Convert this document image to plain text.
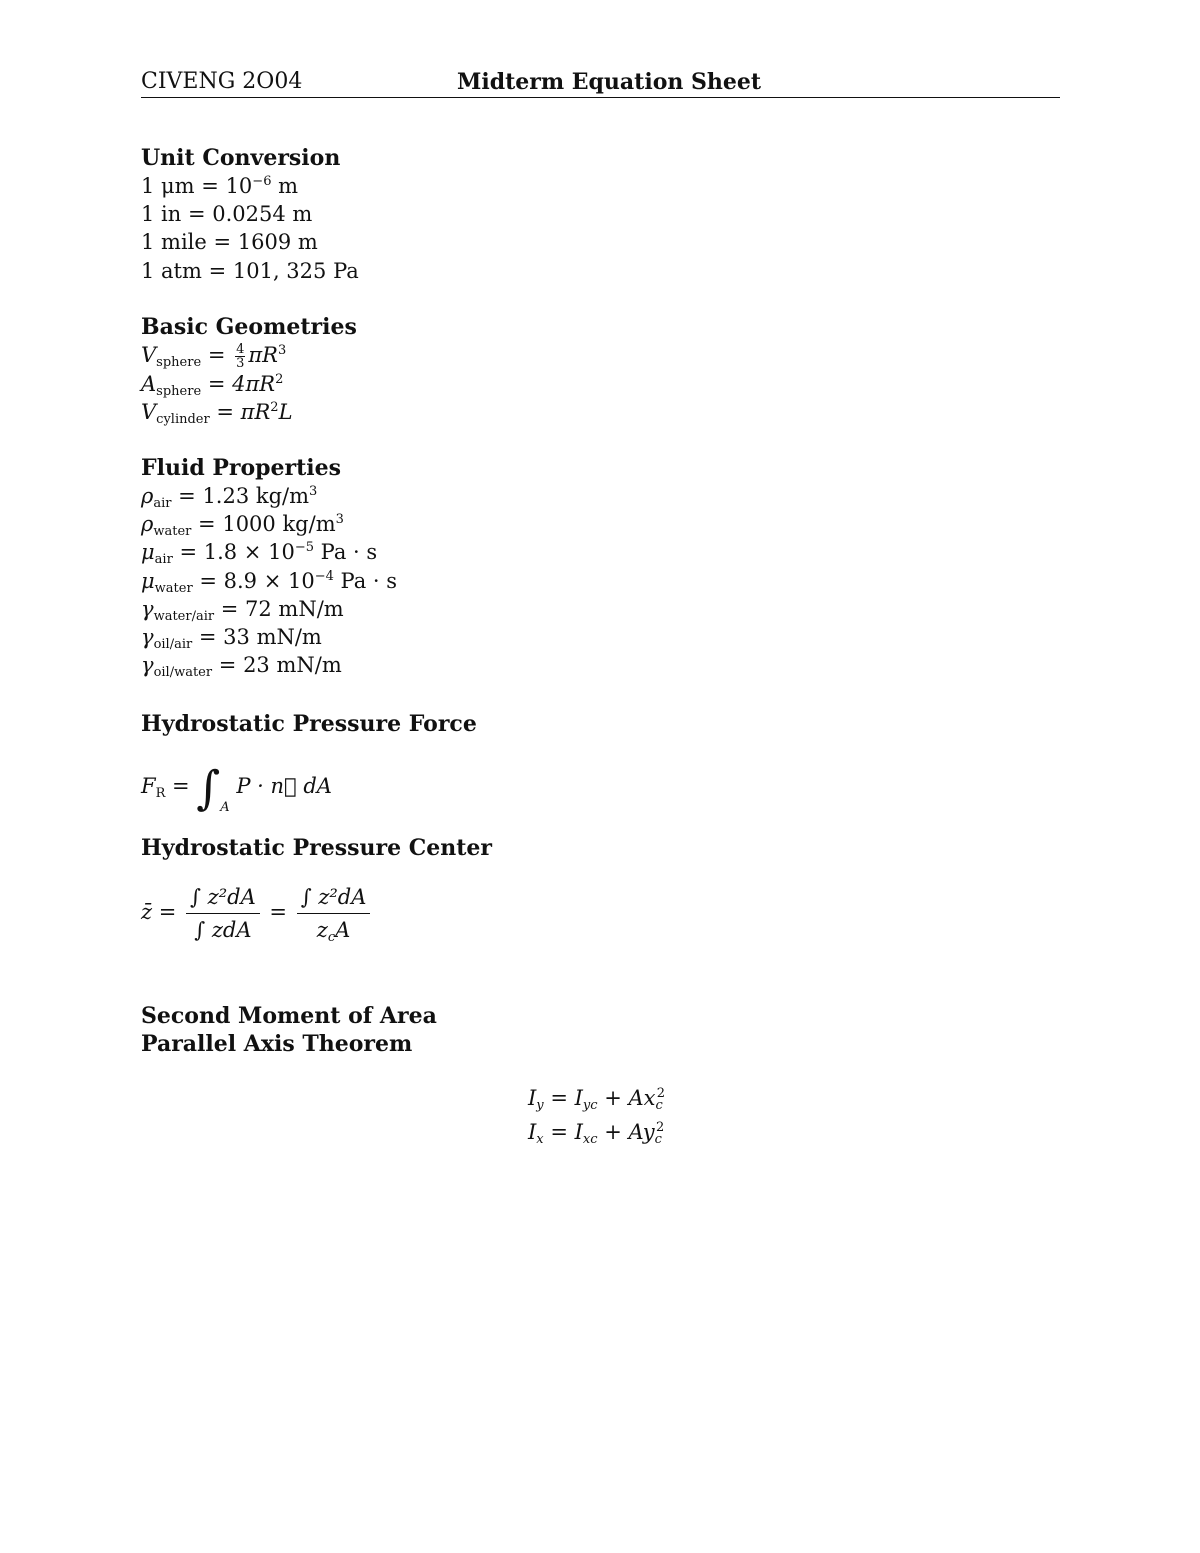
CIVENG 2O04	Midterm Equation Sheet
Unit Conversion
1 $\mu m = 10^{-6}$ m
1 in = 0.0254 m
1 mile = 1609 m
1 atm = 101, 325 Pa
Basic Geometries
$V_{sphere} = \frac{4}{3} \pi R^3$
$A_{sphere} = 4\pi R^2$
$V_{cylinder} = \pi R^2L$
Fluid Properties
$\rho_{air} = 1.23$ $kg/m^3$
$\rho_{water} = 1000$ $kg/m^3$
$\mu_{air} = 1.8 \times 10^{-5}$ Pa · s
$\mu_{water} = 8.9 \times 10^{-4}$ Pa · s
$\gamma_{water/air} = 72$ mN/m
$\gamma_{oil/air} = 33$ mN/m
$\gamma_{oil/water} = 23$ mN/m
Hydrostatic Pressure Force
$F_R = \int_A$ P · n⃗ dA
Hydrostatic Pressure Center
z̄ = $\frac{\text{∫ z²dA}}{\text{∫ zdA}} = \frac{\text{∫ z²dA}}{z_cA}$
Second Moment of Area
Parallel Axis Theorem
$I_y = I_{yc} + Ax_c^2$
$I_x = I_{xc} + Ay_c^2$
